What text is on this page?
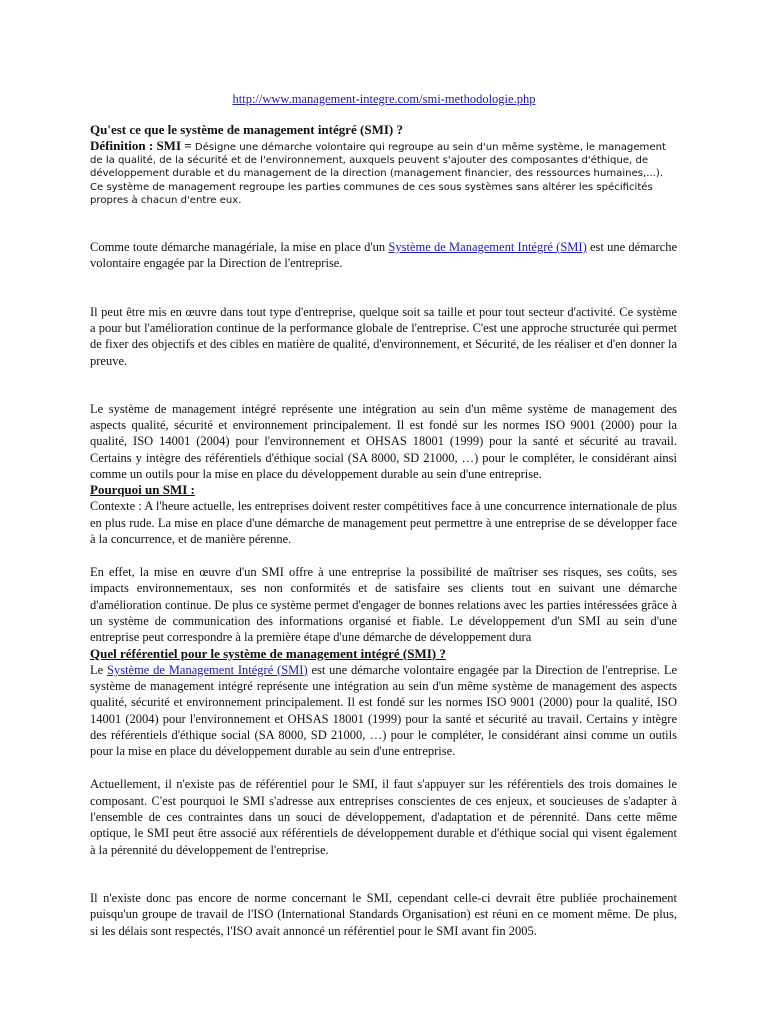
http://www.management-integre.com/smi-methodologie.php

Qu'est ce que le système de management intégré (SMI) ?

Définition : SMI = Désigne une démarche volontaire qui regroupe au sein d'un même système, le management de la qualité, de la sécurité et de l'environnement, auxquels peuvent s'ajouter des composantes d'éthique, de développement durable et du management de la direction (management financier, des ressources humaines,...).
Ce système de management regroupe les parties communes de ces sous systèmes sans altérer les spécificités propres à chacun d'entre eux.

Comme toute démarche managériale, la mise en place d'un Système de Management Intégré (SMI) est une démarche volontaire engagée par la Direction de l'entreprise.

Il peut être mis en œuvre dans tout type d'entreprise, quelque soit sa taille et pour tout secteur d'activité. Ce système a pour but l'amélioration continue de la performance globale de l'entreprise. C'est une approche structurée qui permet de fixer des objectifs et des cibles en matière de qualité, d'environnement, et Sécurité, de les réaliser et d'en donner la preuve.

Le système de management intégré représente une intégration au sein d'un même système de management des aspects qualité, sécurité et environnement principalement. Il est fondé sur les normes ISO 9001 (2000) pour la qualité, ISO 14001 (2004) pour l'environnement et OHSAS 18001 (1999) pour la santé et sécurité au travail. Certains y intègre des référentiels d'éthique social (SA 8000, SD 21000, …) pour le compléter, le considérant ainsi comme un outils pour la mise en place du développement durable au sein d'une entreprise.

Pourquoi un SMI :

Contexte : A l'heure actuelle, les entreprises doivent rester compétitives face à une concurrence internationale de plus en plus rude. La mise en place d'une démarche de management peut permettre à une entreprise de se développer face à la concurrence, et de manière pérenne.

En effet, la mise en œuvre d'un SMI offre à une entreprise la possibilité de maîtriser ses risques, ses coûts, ses impacts environnementaux, ses non conformités et de satisfaire ses clients tout en suivant une démarche d'amélioration continue. De plus ce système permet d'engager de bonnes relations avec les parties intéressées grâce à un système de communication des informations organisé et fiable. Le développement d'un SMI au sein d'une entreprise peut correspondre à la première étape d'une démarche de développement dura

Quel référentiel pour le système de management intégré (SMI) ?

Le Système de Management Intégré (SMI) est une démarche volontaire engagée par la Direction de l'entreprise. Le système de management intégré représente une intégration au sein d'un même système de management des aspects qualité, sécurité et environnement principalement. Il est fondé sur les normes ISO 9001 (2000) pour la qualité, ISO 14001 (2004) pour l'environnement et OHSAS 18001 (1999) pour la santé et sécurité au travail. Certains y intègre des référentiels d'éthique social (SA 8000, SD 21000, …) pour le compléter, le considérant ainsi comme un outils pour la mise en place du développement durable au sein d'une entreprise.

Actuellement, il n'existe pas de référentiel pour le SMI, il faut s'appuyer sur les référentiels des trois domaines le composant. C'est pourquoi le SMI s'adresse aux entreprises conscientes de ces enjeux, et soucieuses de s'adapter à l'ensemble de ces contraintes dans un souci de développement, d'adaptation et de pérennité. Dans cette même optique, le SMI peut être associé aux référentiels de développement durable et d'éthique social qui visent également à la pérennité du développement de l'entreprise.

Il n'existe donc pas encore de norme concernant le SMI, cependant celle-ci devrait être publiée prochainement puisqu'un groupe de travail de l'ISO (International Standards Organisation) est réuni en ce moment même. De plus, si les délais sont respectés, l'ISO avait annoncé un référentiel pour le SMI avant fin 2005.
